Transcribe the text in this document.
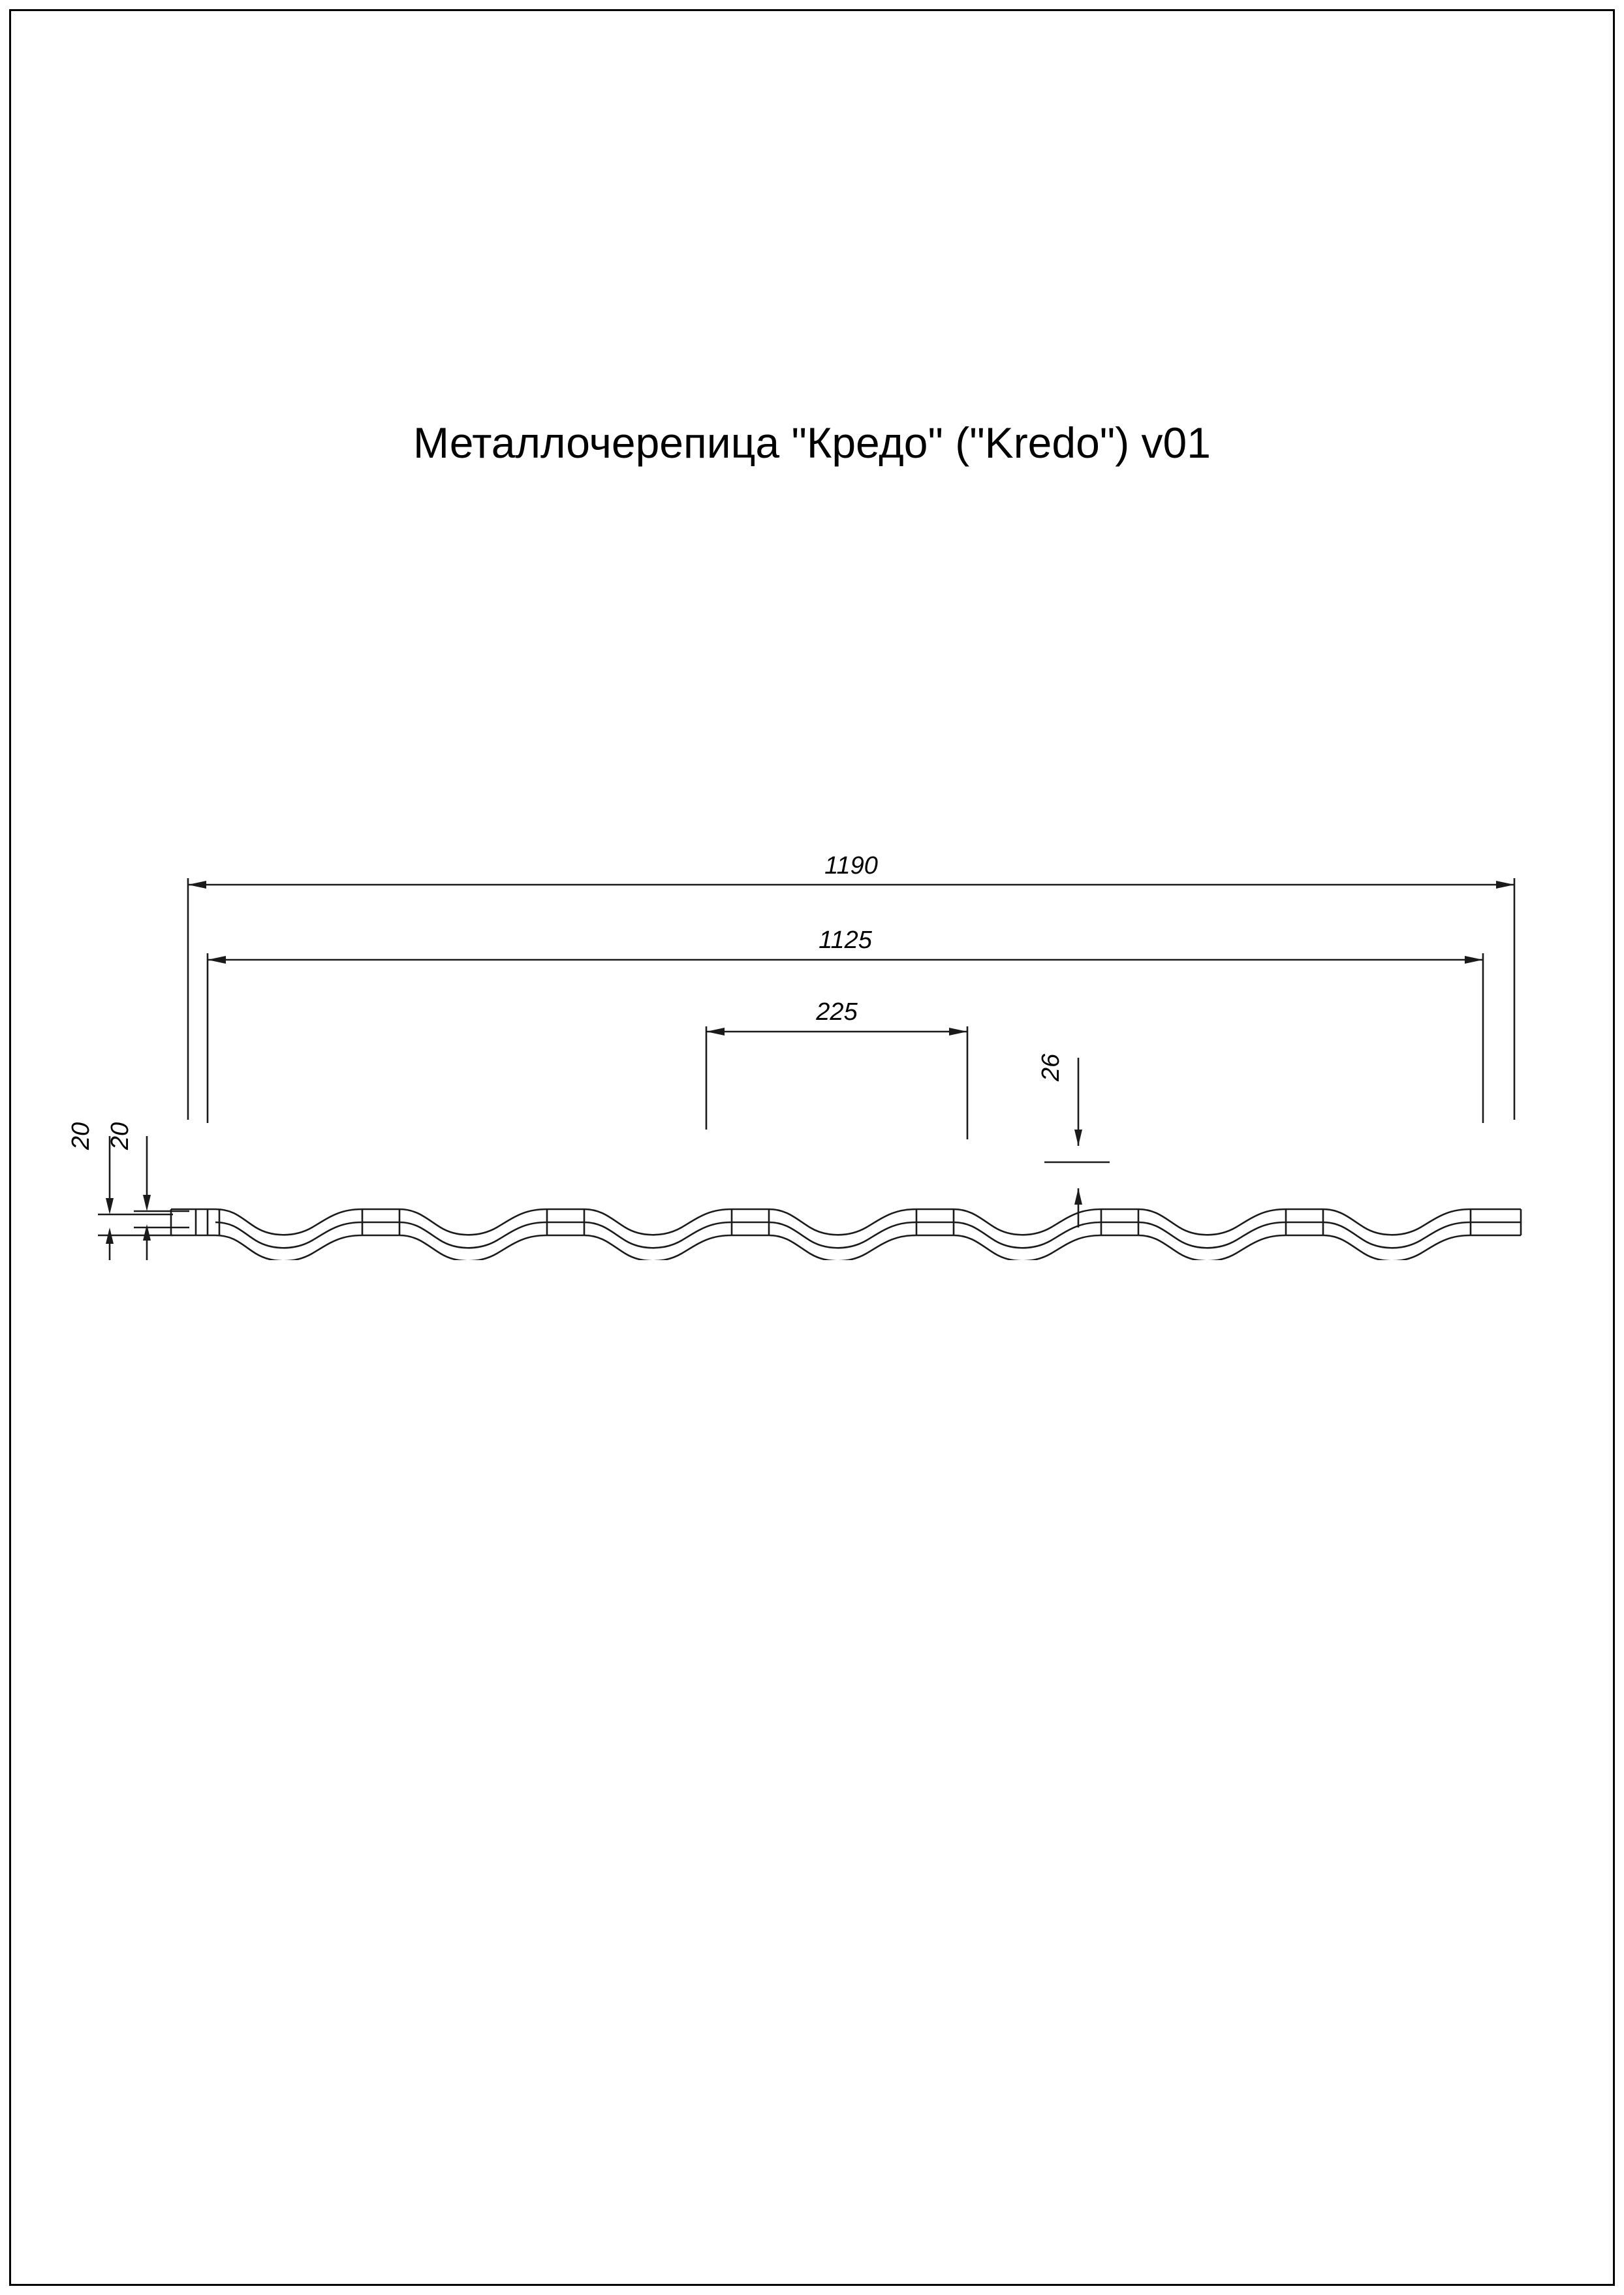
Металлочерепица "Кредо" ("Kredo") v01
1190
1125
225
26
20 20
